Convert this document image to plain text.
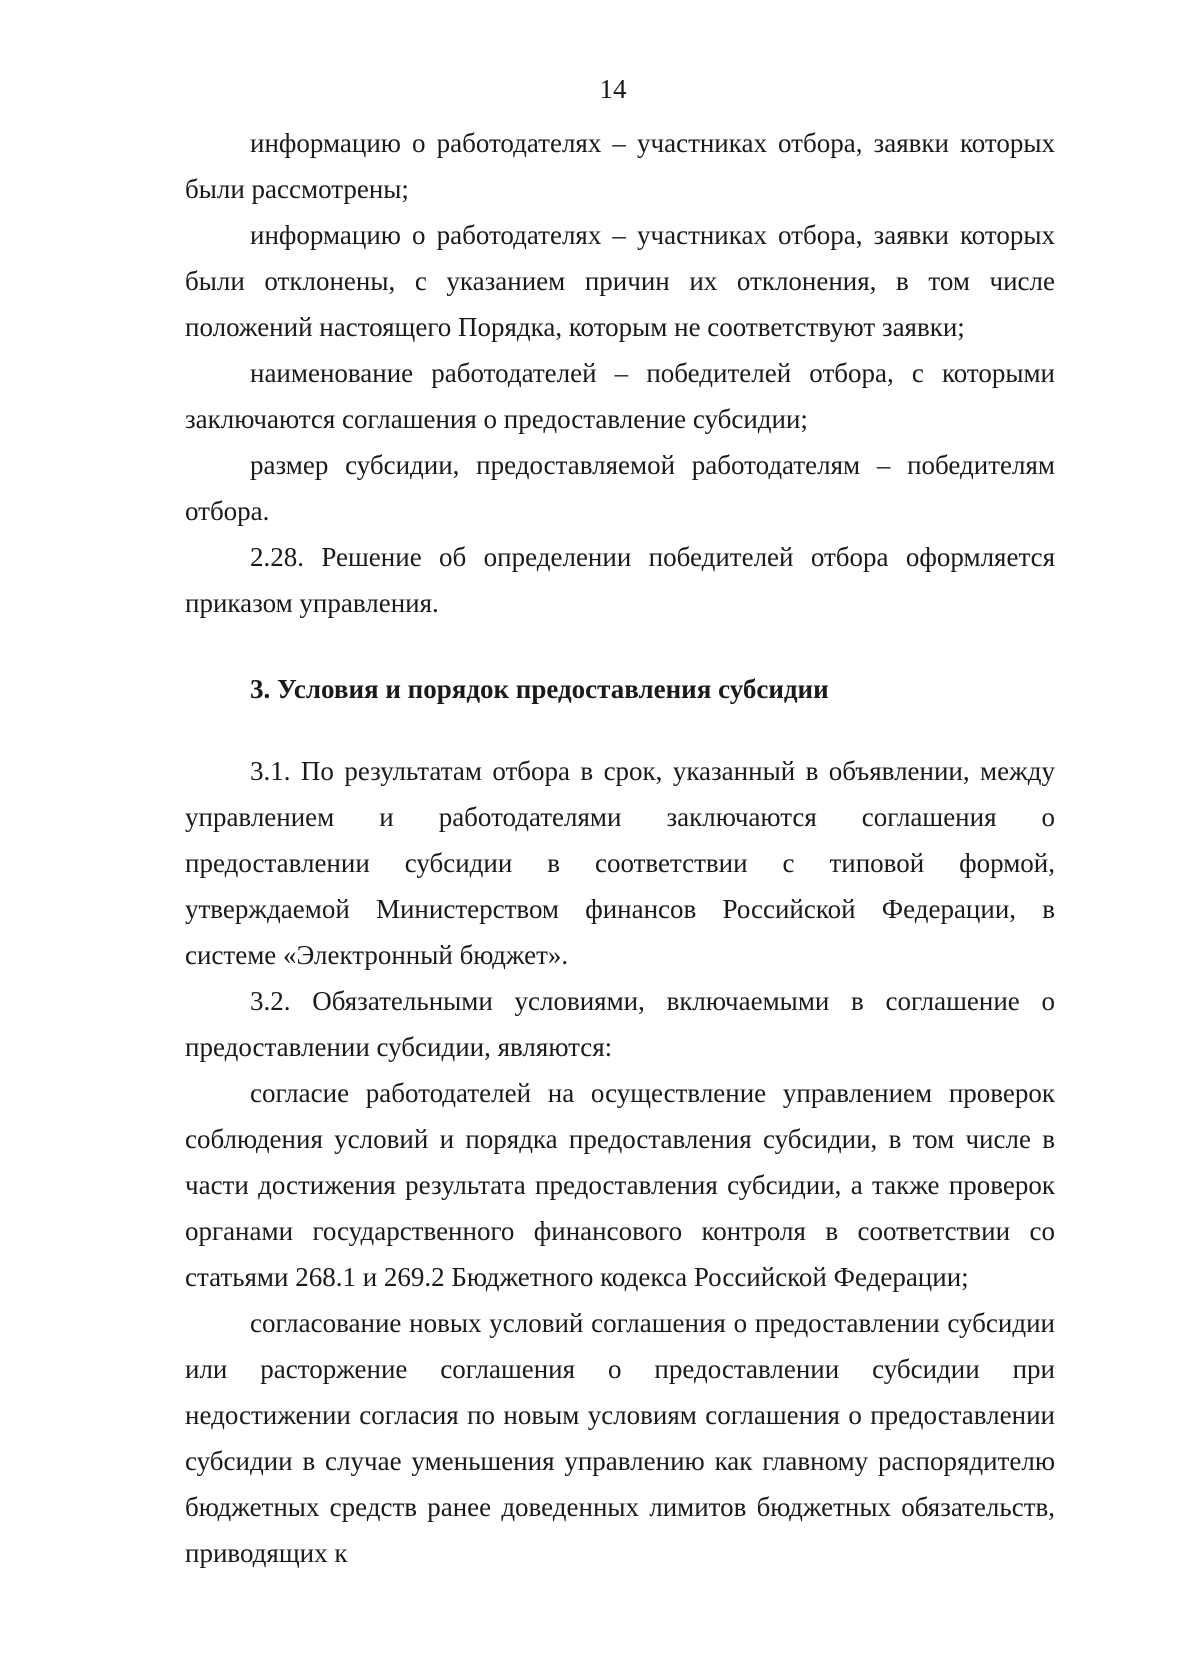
14

информацию о работодателях – участниках отбора, заявки которых были рассмотрены;

информацию о работодателях – участниках отбора, заявки которых были отклонены, с указанием причин их отклонения, в том числе положений настоящего Порядка, которым не соответствуют заявки;

наименование работодателей – победителей отбора, с которыми заключаются соглашения о предоставление субсидии;

размер субсидии, предоставляемой работодателям – победителям отбора.

2.28. Решение об определении победителей отбора оформляется приказом управления.

3. Условия и порядок предоставления субсидии

3.1. По результатам отбора в срок, указанный в объявлении, между управлением и работодателями заключаются соглашения о предоставлении субсидии в соответствии с типовой формой, утверждаемой Министерством финансов Российской Федерации, в системе «Электронный бюджет».

3.2. Обязательными условиями, включаемыми в соглашение о предоставлении субсидии, являются:

согласие работодателей на осуществление управлением проверок соблюдения условий и порядка предоставления субсидии, в том числе в части достижения результата предоставления субсидии, а также проверок органами государственного финансового контроля в соответствии со статьями 268.1 и 269.2 Бюджетного кодекса Российской Федерации;

согласование новых условий соглашения о предоставлении субсидии или расторжение соглашения о предоставлении субсидии при недостижении согласия по новым условиям соглашения о предоставлении субсидии в случае уменьшения управлению как главному распорядителю бюджетных средств ранее доведенных лимитов бюджетных обязательств, приводящих к
